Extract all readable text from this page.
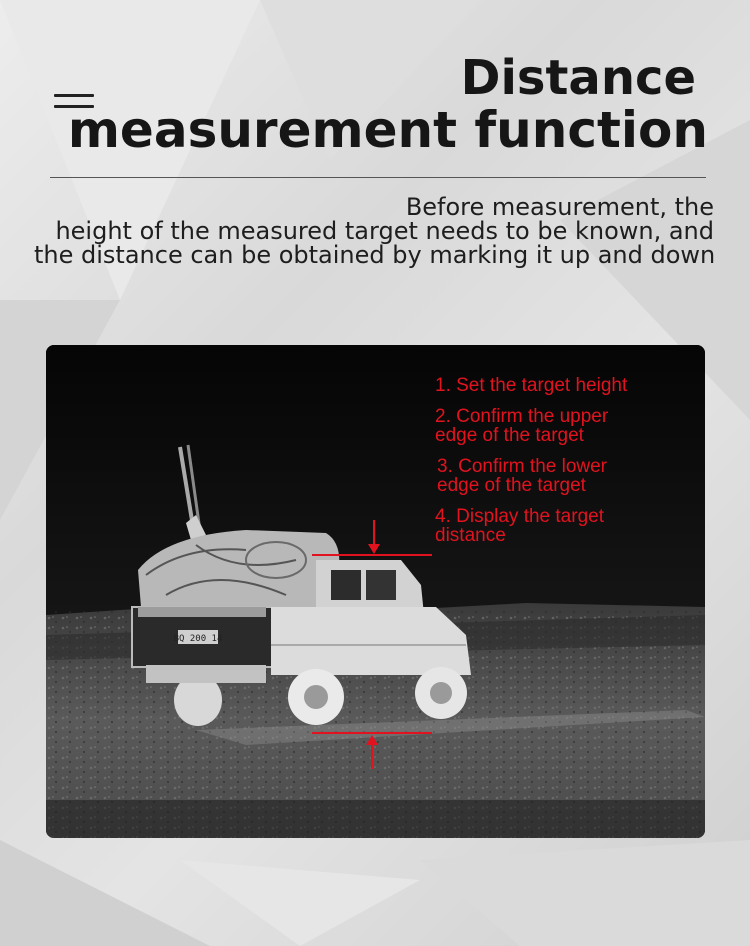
Distance
measurement function
Before measurement, the
height of the measured target needs to be known, and
the distance can be obtained by marking it up and down
BQ 200 14
1. Set the target height
2. Confirm the upper
edge of the target
3. Confirm the lower
edge of the target
4. Display the target
distance
